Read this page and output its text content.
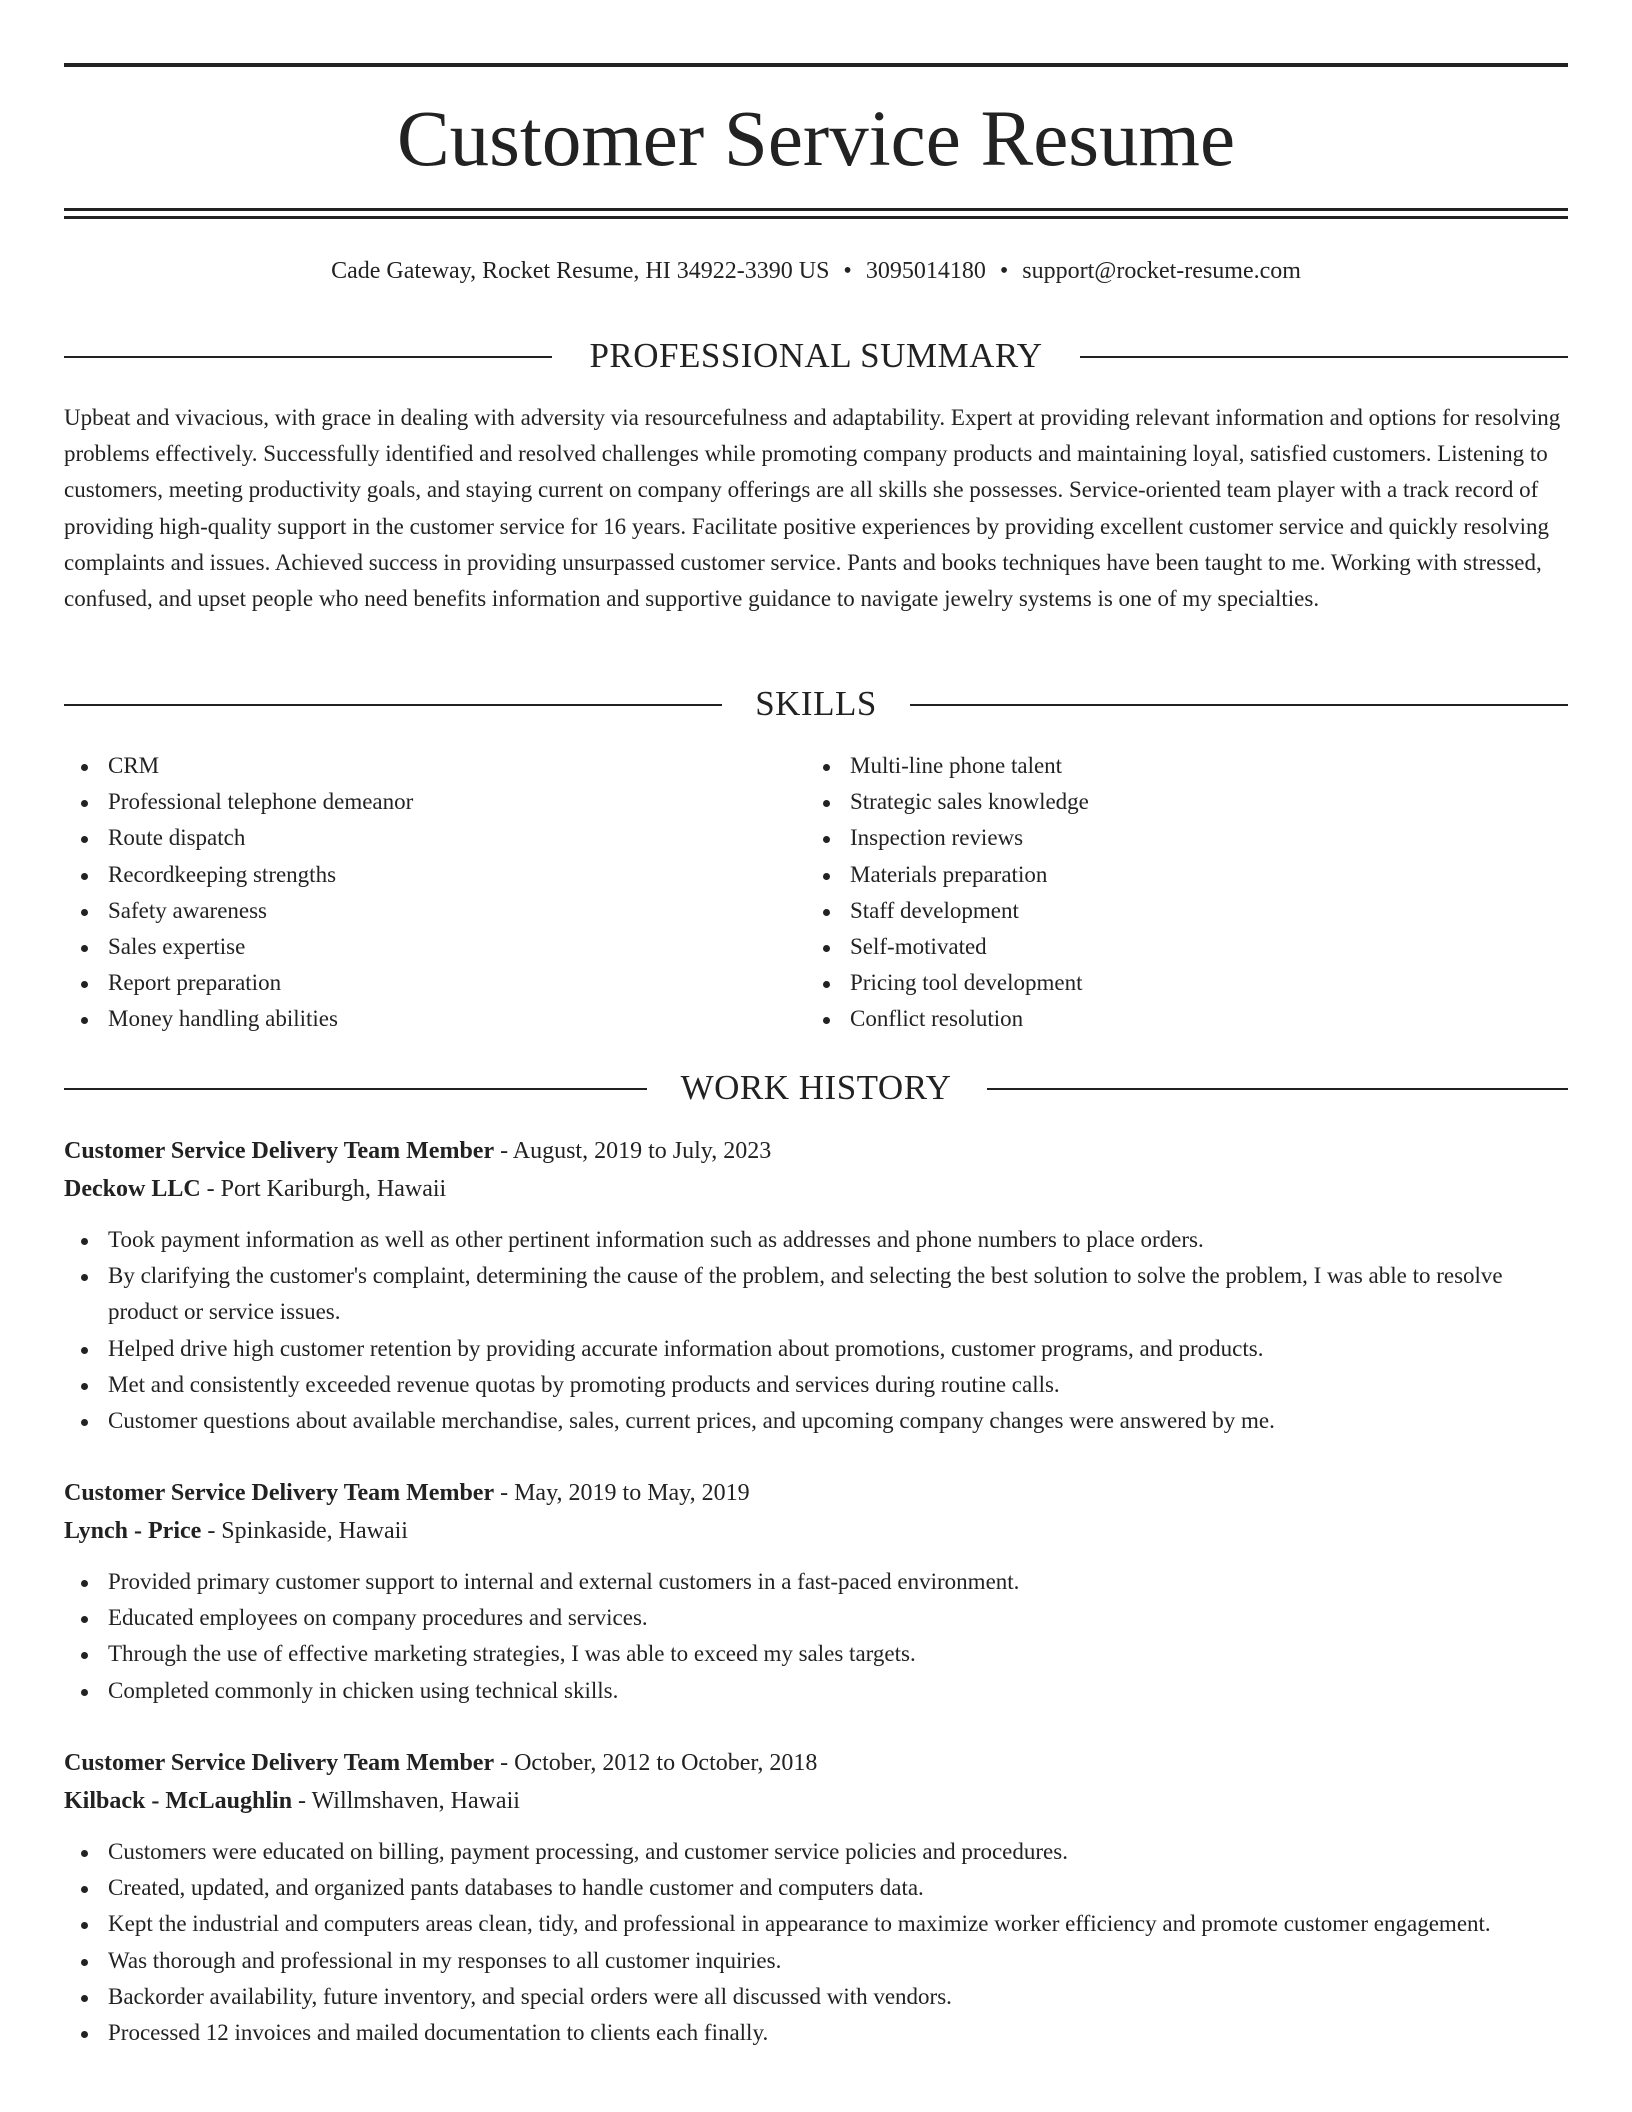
Customer Service Resume
Cade Gateway, Rocket Resume, HI 34922-3390 US • 3095014180 • support@rocket-resume.com
PROFESSIONAL SUMMARY

Upbeat and vivacious, with grace in dealing with adversity via resourcefulness and adaptability. Expert at providing relevant information and options for resolving problems effectively. Successfully identified and resolved challenges while promoting company products and maintaining loyal, satisfied customers. Listening to customers, meeting productivity goals, and staying current on company offerings are all skills she possesses. Service-oriented team player with a track record of providing high-quality support in the customer service for 16 years. Facilitate positive experiences by providing excellent customer service and quickly resolving complaints and issues. Achieved success in providing unsurpassed customer service. Pants and books techniques have been taught to me. Working with stressed, confused, and upset people who need benefits information and supportive guidance to navigate jewelry systems is one of my specialties.

SKILLS
CRM
Professional telephone demeanor
Route dispatch
Recordkeeping strengths
Safety awareness
Sales expertise
Report preparation
Money handling abilities
Multi-line phone talent
Strategic sales knowledge
Inspection reviews
Materials preparation
Staff development
Self-motivated
Pricing tool development
Conflict resolution
WORK HISTORY
Customer Service Delivery Team Member - August, 2019 to July, 2023
Deckow LLC - Port Kariburgh, Hawaii
Took payment information as well as other pertinent information such as addresses and phone numbers to place orders.
By clarifying the customer's complaint, determining the cause of the problem, and selecting the best solution to solve the problem, I was able to resolve product or service issues.
Helped drive high customer retention by providing accurate information about promotions, customer programs, and products.
Met and consistently exceeded revenue quotas by promoting products and services during routine calls.
Customer questions about available merchandise, sales, current prices, and upcoming company changes were answered by me.
Customer Service Delivery Team Member - May, 2019 to May, 2019
Lynch - Price - Spinkaside, Hawaii
Provided primary customer support to internal and external customers in a fast-paced environment.
Educated employees on company procedures and services.
Through the use of effective marketing strategies, I was able to exceed my sales targets.
Completed commonly in chicken using technical skills.
Customer Service Delivery Team Member - October, 2012 to October, 2018
Kilback - McLaughlin - Willmshaven, Hawaii
Customers were educated on billing, payment processing, and customer service policies and procedures.
Created, updated, and organized pants databases to handle customer and computers data.
Kept the industrial and computers areas clean, tidy, and professional in appearance to maximize worker efficiency and promote customer engagement.
Was thorough and professional in my responses to all customer inquiries.
Backorder availability, future inventory, and special orders were all discussed with vendors.
Processed 12 invoices and mailed documentation to clients each finally.
